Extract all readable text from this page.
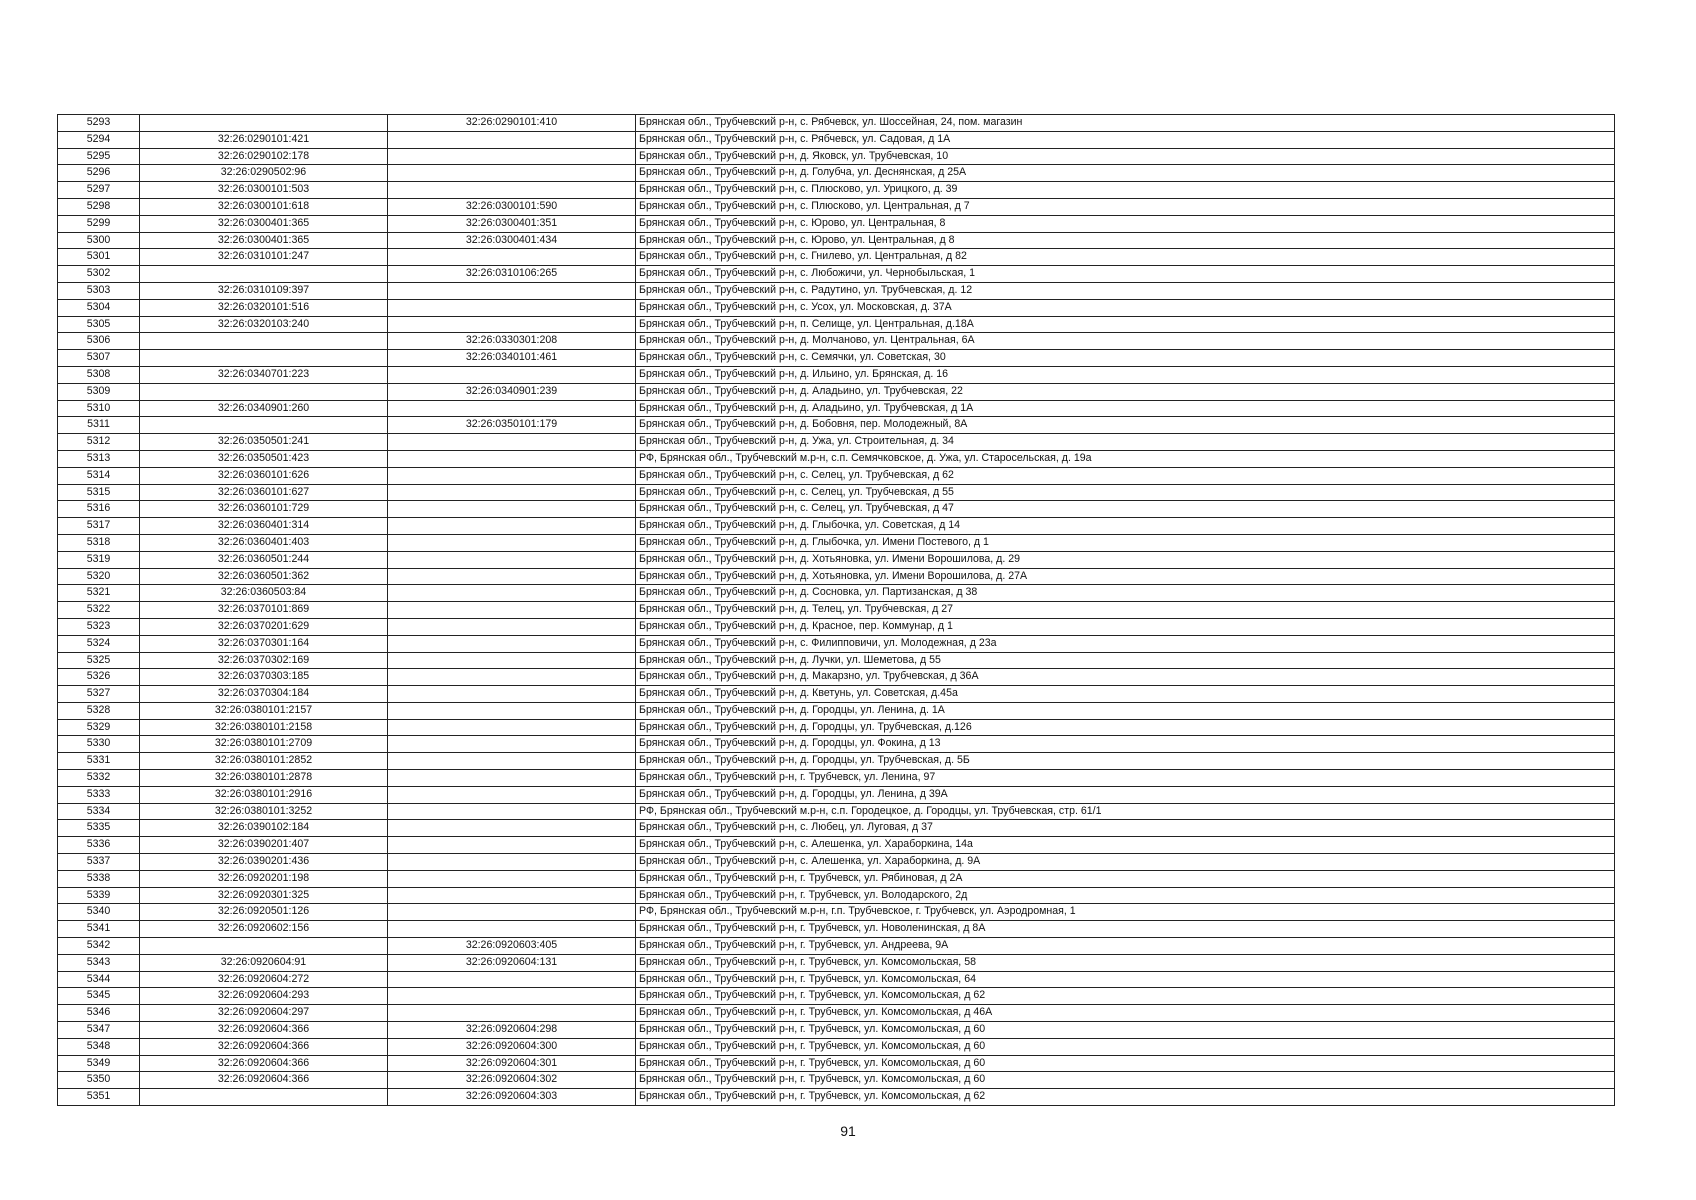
5293		32:26:0290101:410	Брянская обл., Трубчевский р-н, с. Рябчевск, ул. Шоссейная, 24, пом. магазин
5294	32:26:0290101:421		Брянская обл., Трубчевский р-н, с. Рябчевск, ул. Садовая, д 1А
5295	32:26:0290102:178		Брянская обл., Трубчевский р-н, д. Яковск, ул. Трубчевская, 10
5296	32:26:0290502:96		Брянская обл., Трубчевский р-н, д. Голубча, ул. Деснянская, д 25А
5297	32:26:0300101:503		Брянская обл., Трубчевский р-н, с. Плюсково, ул. Урицкого, д. 39
5298	32:26:0300101:618	32:26:0300101:590	Брянская обл., Трубчевский р-н, с. Плюсково, ул. Центральная, д 7
5299	32:26:0300401:365	32:26:0300401:351	Брянская обл., Трубчевский р-н, с. Юрово, ул. Центральная, 8
5300	32:26:0300401:365	32:26:0300401:434	Брянская обл., Трубчевский р-н, с. Юрово, ул. Центральная, д 8
5301	32:26:0310101:247		Брянская обл., Трубчевский р-н, с. Гнилево, ул. Центральная, д 82
5302		32:26:0310106:265	Брянская обл., Трубчевский р-н, с. Любожичи, ул. Чернобыльская, 1
5303	32:26:0310109:397		Брянская обл., Трубчевский р-н, с. Радутино, ул. Трубчевская, д. 12
5304	32:26:0320101:516		Брянская обл., Трубчевский р-н, с. Усох, ул. Московская, д. 37А
5305	32:26:0320103:240		Брянская обл., Трубчевский р-н, п. Селище, ул. Центральная, д.18А
5306		32:26:0330301:208	Брянская обл., Трубчевский р-н, д. Молчаново, ул. Центральная, 6А
5307		32:26:0340101:461	Брянская обл., Трубчевский р-н, с. Семячки, ул. Советская, 30
5308	32:26:0340701:223		Брянская обл., Трубчевский р-н, д. Ильино, ул. Брянская, д. 16
5309		32:26:0340901:239	Брянская обл., Трубчевский р-н, д. Аладьино, ул. Трубчевская, 22
5310	32:26:0340901:260		Брянская обл., Трубчевский р-н, д. Аладьино, ул. Трубчевская, д 1А
5311		32:26:0350101:179	Брянская обл., Трубчевский р-н, д. Бобовня, пер. Молодежный, 8А
5312	32:26:0350501:241		Брянская обл., Трубчевский р-н, д. Ужа, ул. Строительная, д. 34
5313	32:26:0350501:423		РФ, Брянская обл., Трубчевский м.р-н, с.п. Семячковское, д. Ужа, ул. Старосельская, д. 19а
5314	32:26:0360101:626		Брянская обл., Трубчевский р-н, с. Селец, ул. Трубчевская, д 62
5315	32:26:0360101:627		Брянская обл., Трубчевский р-н, с. Селец, ул. Трубчевская, д 55
5316	32:26:0360101:729		Брянская обл., Трубчевский р-н, с. Селец, ул. Трубчевская, д 47
5317	32:26:0360401:314		Брянская обл., Трубчевский р-н, д. Глыбочка, ул. Советская, д 14
5318	32:26:0360401:403		Брянская обл., Трубчевский р-н, д. Глыбочка, ул. Имени Постевого, д 1
5319	32:26:0360501:244		Брянская обл., Трубчевский р-н, д. Хотьяновка, ул. Имени Ворошилова, д. 29
5320	32:26:0360501:362		Брянская обл., Трубчевский р-н, д. Хотьяновка, ул. Имени Ворошилова, д. 27А
5321	32:26:0360503:84		Брянская обл., Трубчевский р-н, д. Сосновка, ул. Партизанская, д 38
5322	32:26:0370101:869		Брянская обл., Трубчевский р-н, д. Телец, ул. Трубчевская, д 27
5323	32:26:0370201:629		Брянская обл., Трубчевский р-н, д. Красное, пер. Коммунар, д 1
5324	32:26:0370301:164		Брянская обл., Трубчевский р-н, с. Филипповичи, ул. Молодежная, д 23а
5325	32:26:0370302:169		Брянская обл., Трубчевский р-н, д. Лучки, ул. Шеметова, д 55
5326	32:26:0370303:185		Брянская обл., Трубчевский р-н, д. Макарзно, ул. Трубчевская, д 36А
5327	32:26:0370304:184		Брянская обл., Трубчевский р-н, д. Кветунь, ул. Советская, д.45а
5328	32:26:0380101:2157		Брянская обл., Трубчевский р-н, д. Городцы, ул. Ленина, д. 1А
5329	32:26:0380101:2158		Брянская обл., Трубчевский р-н, д. Городцы, ул. Трубчевская, д.126
5330	32:26:0380101:2709		Брянская обл., Трубчевский р-н, д. Городцы, ул. Фокина, д 13
5331	32:26:0380101:2852		Брянская обл., Трубчевский р-н, д. Городцы, ул. Трубчевская, д. 5Б
5332	32:26:0380101:2878		Брянская обл., Трубчевский р-н, г. Трубчевск, ул. Ленина, 97
5333	32:26:0380101:2916		Брянская обл., Трубчевский р-н, д. Городцы, ул. Ленина, д 39А
5334	32:26:0380101:3252		РФ, Брянская обл., Трубчевский м.р-н, с.п. Городецкое, д. Городцы, ул. Трубчевская, стр. 61/1
5335	32:26:0390102:184		Брянская обл., Трубчевский р-н, с. Любец, ул. Луговая, д 37
5336	32:26:0390201:407		Брянская обл., Трубчевский р-н, с. Алешенка, ул. Хараборкина, 14а
5337	32:26:0390201:436		Брянская обл., Трубчевский р-н, с. Алешенка, ул. Хараборкина, д. 9А
5338	32:26:0920201:198		Брянская обл., Трубчевский р-н, г. Трубчевск, ул. Рябиновая, д 2А
5339	32:26:0920301:325		Брянская обл., Трубчевский р-н, г. Трубчевск, ул. Володарского, 2д
5340	32:26:0920501:126		РФ, Брянская обл., Трубчевский м.р-н, г.п. Трубчевское, г. Трубчевск, ул. Аэродромная, 1
5341	32:26:0920602:156		Брянская обл., Трубчевский р-н, г. Трубчевск, ул. Новоленинская, д 8А
5342		32:26:0920603:405	Брянская обл., Трубчевский р-н, г. Трубчевск, ул. Андреева, 9А
5343	32:26:0920604:91	32:26:0920604:131	Брянская обл., Трубчевский р-н, г. Трубчевск, ул. Комсомольская, 58
5344	32:26:0920604:272		Брянская обл., Трубчевский р-н, г. Трубчевск, ул. Комсомольская, 64
5345	32:26:0920604:293		Брянская обл., Трубчевский р-н, г. Трубчевск, ул. Комсомольская, д 62
5346	32:26:0920604:297		Брянская обл., Трубчевский р-н, г. Трубчевск, ул. Комсомольская, д 46А
5347	32:26:0920604:366	32:26:0920604:298	Брянская обл., Трубчевский р-н, г. Трубчевск, ул. Комсомольская, д 60
5348	32:26:0920604:366	32:26:0920604:300	Брянская обл., Трубчевский р-н, г. Трубчевск, ул. Комсомольская, д 60
5349	32:26:0920604:366	32:26:0920604:301	Брянская обл., Трубчевский р-н, г. Трубчевск, ул. Комсомольская, д 60
5350	32:26:0920604:366	32:26:0920604:302	Брянская обл., Трубчевский р-н, г. Трубчевск, ул. Комсомольская, д 60
5351		32:26:0920604:303	Брянская обл., Трубчевский р-н, г. Трубчевск, ул. Комсомольская, д 62
91
